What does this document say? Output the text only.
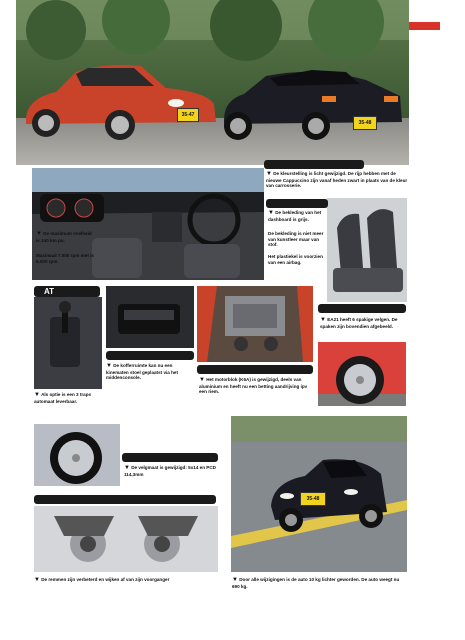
35-47
35-48
▼ De kleurstelling is licht gewijzigd. De rijp hebben met de nieuwe Cappuccino zijn vanaf heden zwart in plaats van de kleur van carrosserie.
▼ De maximum snelheid is 140 km pu.
Maximaal 7.500 rpm met is 5.000 rpm
▼ De bekleding van het dashboard is grijs.
De bekleding is niet meer van kunstleer maar van stof.
Het plastiekel is voorzien van een airbag.
AT
▼ Als optie is een 3 traps automaat leverbaar.
▼ De kofferruimte kan nu een kinematen stoel geplaatst via het middenconsole.	▼ Het motorblok (K6A) is gewijzigd, deels van aluminium en heeft nu een betting aandrijving ipv een riem.
▼ EA21 heeft 6 spakige velgen. De spaken zijn bovendien afgebeeld.
▼ De velgmaat is gewijzigd: 5x14 en PCD 114,3mm
▼ De remmen zijn verbeterd en wijken af van zijn voorganger
35-48
▼ Door alle wijzigingen is de auto 10 kg lichter geworden. De auto weegt nu 690 kg.
